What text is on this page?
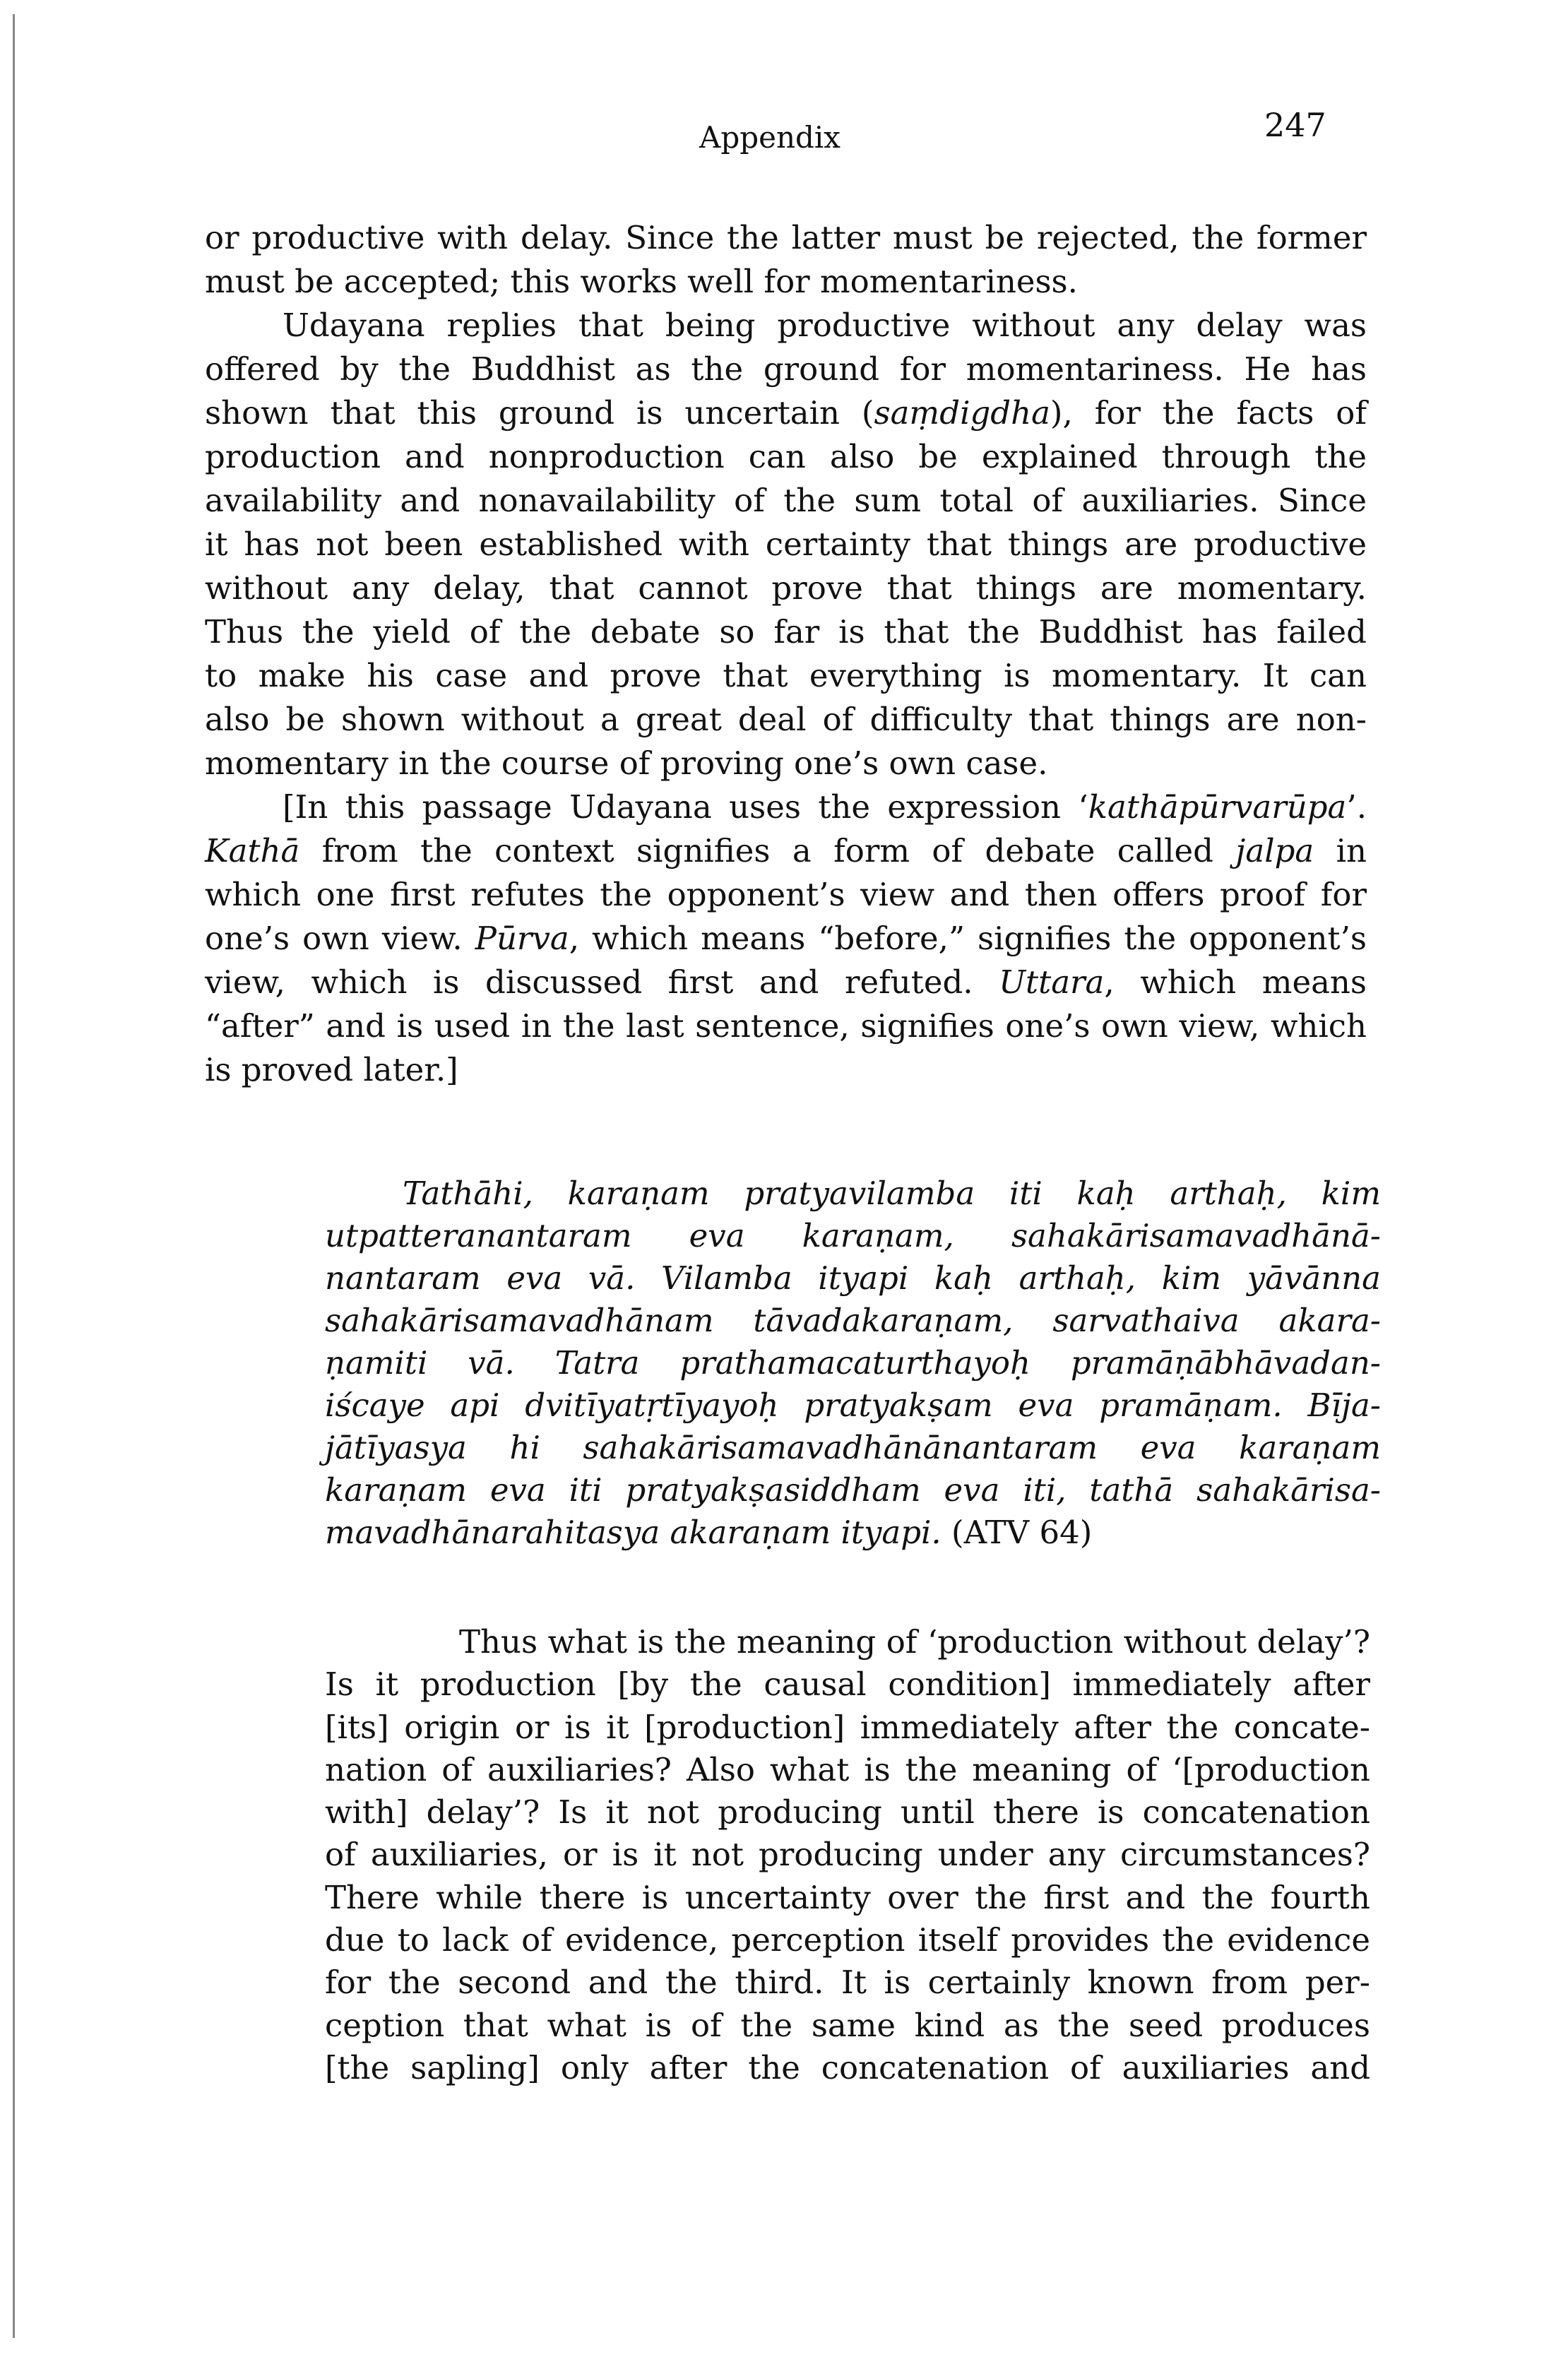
Appendix	247
or productive with delay. Since the latter must be rejected, the former
must be accepted; this works well for momentariness.
Udayana replies that being productive without any delay was
offered by the Buddhist as the ground for momentariness. He has
shown that this ground is uncertain (saṃdigdha), for the facts of
production and nonproduction can also be explained through the
availability and nonavailability of the sum total of auxiliaries. Since
it has not been established with certainty that things are productive
without any delay, that cannot prove that things are momentary.
Thus the yield of the debate so far is that the Buddhist has failed
to make his case and prove that everything is momentary. It can
also be shown without a great deal of difficulty that things are non-
momentary in the course of proving one’s own case.
[In this passage Udayana uses the expression ‘kathāpūrvarūpa’.
Kathā from the context signifies a form of debate called jalpa in
which one first refutes the opponent’s view and then offers proof for
one’s own view. Pūrva, which means “before,” signifies the opponent’s
view, which is discussed first and refuted. Uttara, which means
“after” and is used in the last sentence, signifies one’s own view, which
is proved later.]
Tathāhi, karaṇam pratyavilamba iti kaḥ arthaḥ, kim
utpatteranantaram eva karaṇam, sahakārisamavadhānā-
nantaram eva vā. Vilamba ityapi kaḥ arthaḥ, kim yāvānna
sahakārisamavadhānam tāvadakaraṇam, sarvathaiva akara-
ṇamiti vā. Tatra prathamacaturthayoḥ pramāṇābhāvadan-
iścaye api dvitīyatṛtīyayoḥ pratyakṣam eva pramāṇam. Bīja-
jātīyasya hi sahakārisamavadhānānantaram eva karaṇam
karaṇam eva iti pratyakṣasiddham eva iti, tathā sahakārisa-
mavadhānarahitasya akaraṇam ityapi. (ATV 64)
Thus what is the meaning of ‘production without delay’?
Is it production [by the causal condition] immediately after
[its] origin or is it [production] immediately after the concate-
nation of auxiliaries? Also what is the meaning of ‘[production
with] delay’? Is it not producing until there is concatenation
of auxiliaries, or is it not producing under any circumstances?
There while there is uncertainty over the first and the fourth
due to lack of evidence, perception itself provides the evidence
for the second and the third. It is certainly known from per-
ception that what is of the same kind as the seed produces
[the sapling] only after the concatenation of auxiliaries and
